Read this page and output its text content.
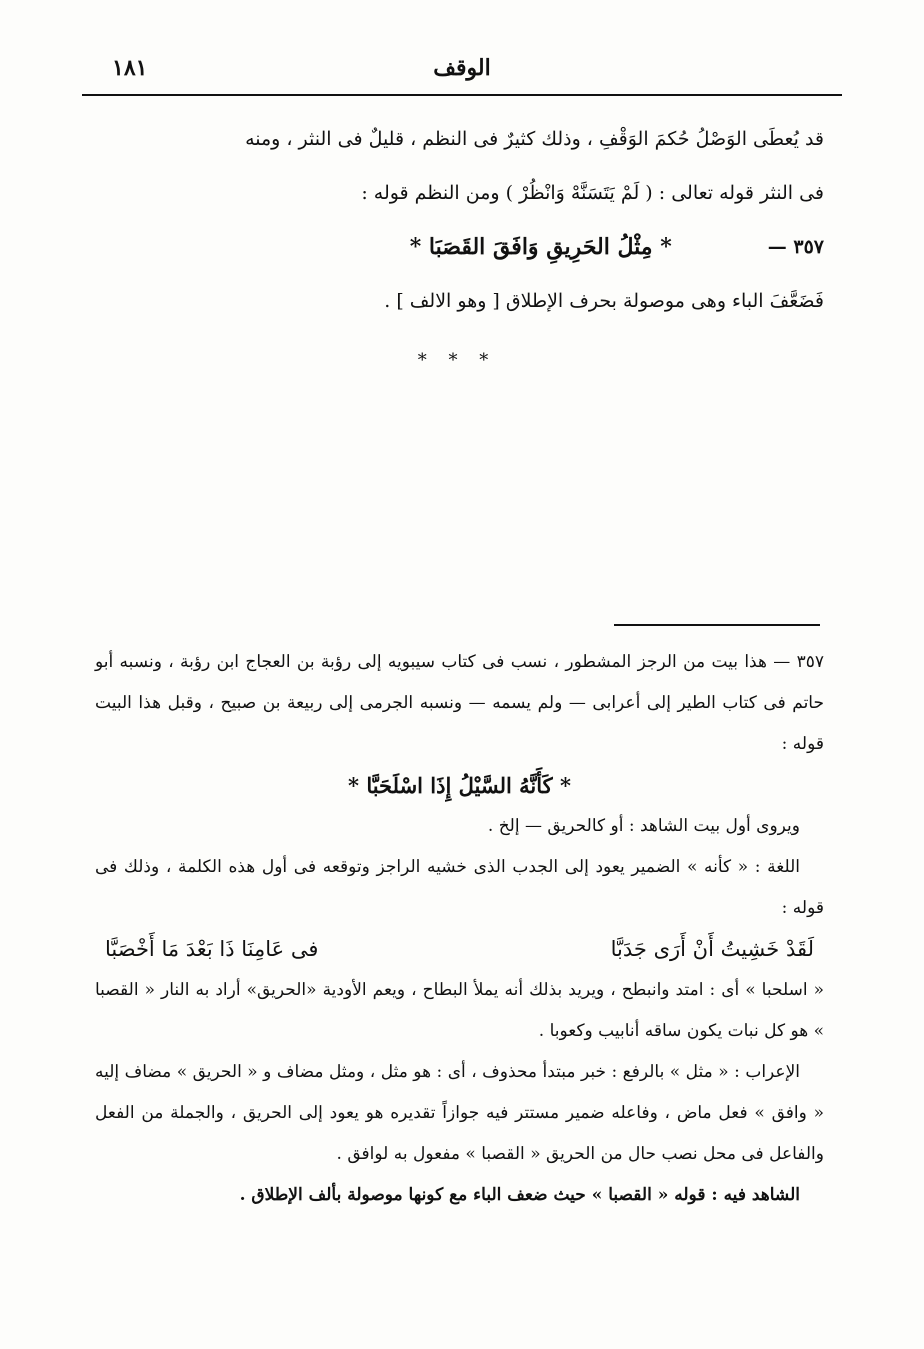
الوقف
١٨١

قد يُعطَى الوَصْلُ حُكمَ الوَقْفِ ، وذلك كثيرٌ فى النظم ، قليلٌ فى النثر ، ومنه

فى النثر قوله تعالى : ( لَمْ يَتَسَنَّهْ وَانْظُرْ ) ومن النظم قوله :

٣٥٧ —
* مِثْلُ الحَرِيقِ وَافَقَ القَصَبَا *

فَضَعَّفَ الباء وهى موصولة بحرف الإطلاق [ وهو الالف ] .

* * *

٣٥٧ — هذا بيت من الرجز المشطور ، نسب فى كتاب سيبويه إلى رؤبة بن العجاج ابن رؤبة ، ونسبه أبو حاتم فى كتاب الطير إلى أعرابى — ولم يسمه — ونسبه الجرمى إلى ربيعة بن صبيح ، وقبل هذا البيت قوله :

* كَأَنَّهُ السَّيْلُ إِذَا اسْلَحَبَّا *

ويروى أول بيت الشاهد : أو كالحريق — إلخ .

اللغة : « كأنه » الضمير يعود إلى الجدب الذى خشيه الراجز وتوقعه فى أول هذه الكلمة ، وذلك فى قوله :

لَقَدْ خَشِيتُ أَنْ أَرَى جَدَبَّا
فى عَامِنَا ذَا بَعْدَ مَا أَخْصَبَّا

« اسلحبا » أى : امتد وانبطح ، ويريد بذلك أنه يملأ البطاح ، ويعم الأودية «الحريق» أراد به النار « القصبا » هو كل نبات يكون ساقه أنابيب وكعوبا .

الإعراب : « مثل » بالرفع : خبر مبتدأ محذوف ، أى : هو مثل ، ومثل مضاف و « الحريق » مضاف إليه « وافق » فعل ماض ، وفاعله ضمير مستتر فيه جوازاً تقديره هو يعود إلى الحريق ، والجملة من الفعل والفاعل فى محل نصب حال من الحريق « القصبا » مفعول به لوافق .

الشاهد فيه : قوله « القصبا » حيث ضعف الباء مع كونها موصولة بألف الإطلاق .
